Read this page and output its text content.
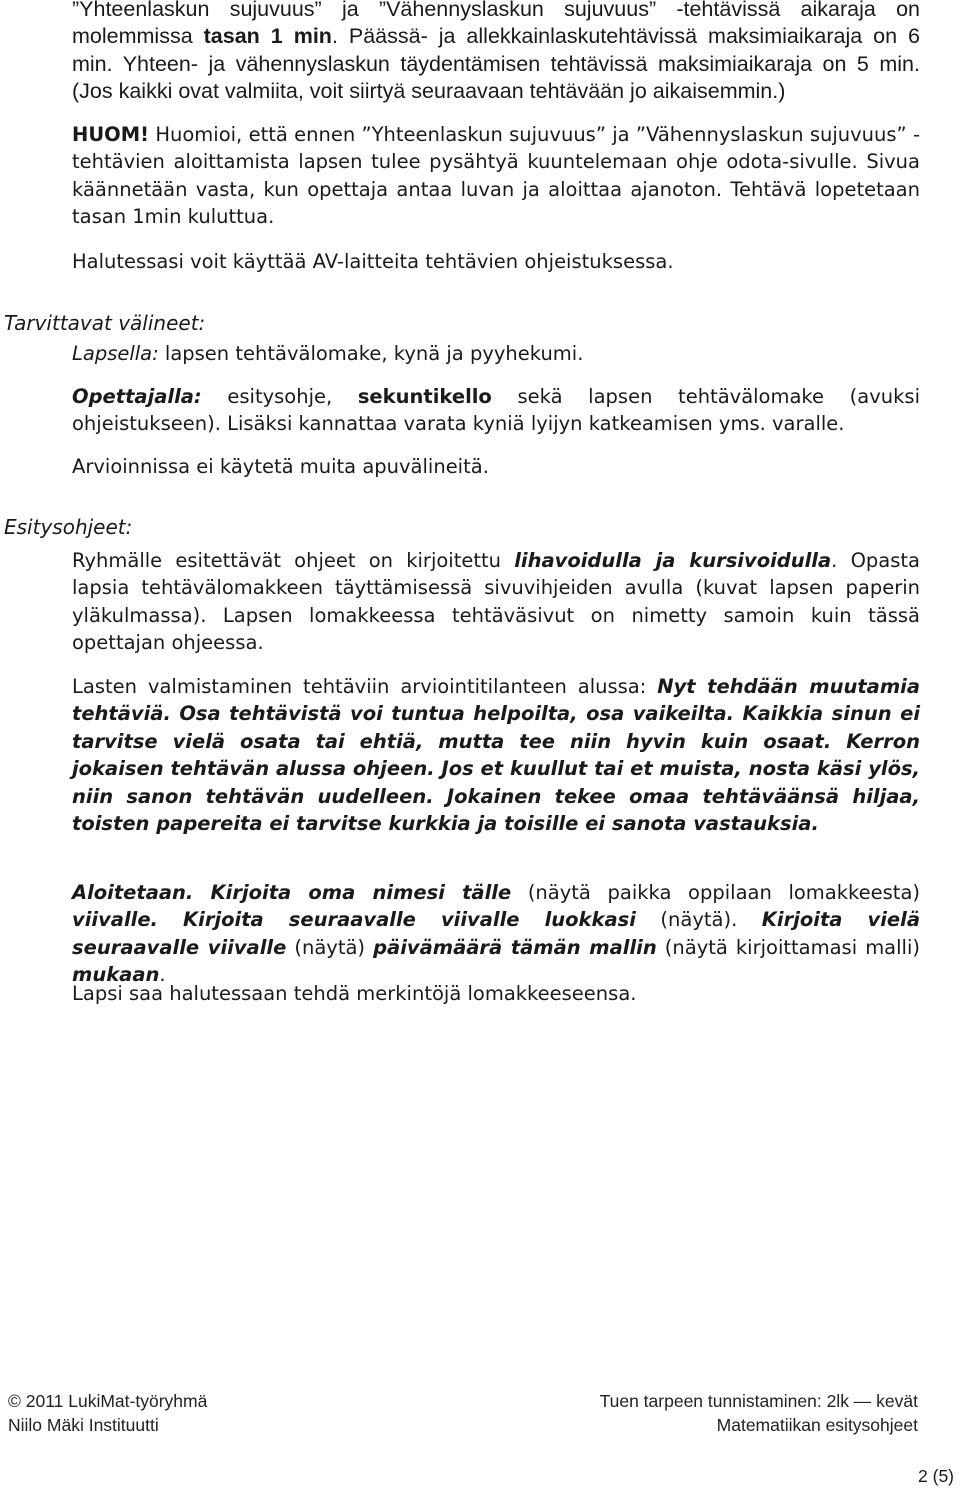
”Yhteenlaskun sujuvuus” ja ”Vähennyslaskun sujuvuus” -tehtävissä aikaraja on molemmissa tasan 1 min. Päässä- ja allekkainlaskutehtävissä maksimiaikaraja on 6 min. Yhteen- ja vähennyslaskun täydentämisen tehtävissä maksimiaikaraja on 5 min. (Jos kaikki ovat valmiita, voit siirtyä seuraavaan tehtävään jo aikaisemmin.)

HUOM! Huomioi, että ennen ”Yhteenlaskun sujuvuus” ja ”Vähennyslaskun sujuvuus” -tehtävien aloittamista lapsen tulee pysähtyä kuuntelemaan ohje odota-sivulle. Sivua käännetään vasta, kun opettaja antaa luvan ja aloittaa ajanoton. Tehtävä lopetetaan tasan 1min kuluttua.

Halutessasi voit käyttää AV-laitteita tehtävien ohjeistuksessa.

Tarvittavat välineet:

Lapsella: lapsen tehtävälomake, kynä ja pyyhekumi.

Opettajalla: esitysohje, sekuntikello sekä lapsen tehtävälomake (avuksi ohjeistukseen). Lisäksi kannattaa varata kyniä lyijyn katkeamisen yms. varalle.

Arvioinnissa ei käytetä muita apuvälineitä.

Esitysohjeet:

Ryhmälle esitettävät ohjeet on kirjoitettu lihavoidulla ja kursivoidulla. Opasta lapsia tehtävälomakkeen täyttämisessä sivuvihjeiden avulla (kuvat lapsen paperin yläkulmassa). Lapsen lomakkeessa tehtäväsivut on nimetty samoin kuin tässä opettajan ohjeessa.

Lasten valmistaminen tehtäviin arviointitilanteen alussa: Nyt tehdään muutamia tehtäviä. Osa tehtävistä voi tuntua helpoilta, osa vaikeilta. Kaikkia sinun ei tarvitse vielä osata tai ehtiä, mutta tee niin hyvin kuin osaat. Kerron jokaisen tehtävän alussa ohjeen. Jos et kuullut tai et muista, nosta käsi ylös, niin sanon tehtävän uudelleen. Jokainen tekee omaa tehtäväänsä hiljaa, toisten papereita ei tarvitse kurkkia ja toisille ei sanota vastauksia.

Aloitetaan. Kirjoita oma nimesi tälle (näytä paikka oppilaan lomakkeesta) viivalle. Kirjoita seuraavalle viivalle luokkasi (näytä). Kirjoita vielä seuraavalle viivalle (näytä) päivämäärä tämän mallin (näytä kirjoittamasi malli) mukaan.

Lapsi saa halutessaan tehdä merkintöjä lomakkeeseensa.

© 2011 LukiMat-työryhmä
Niilo Mäki Instituutti
Tuen tarpeen tunnistaminen: 2lk — kevät
Matematiikan esitysohjeet
2 (5)
